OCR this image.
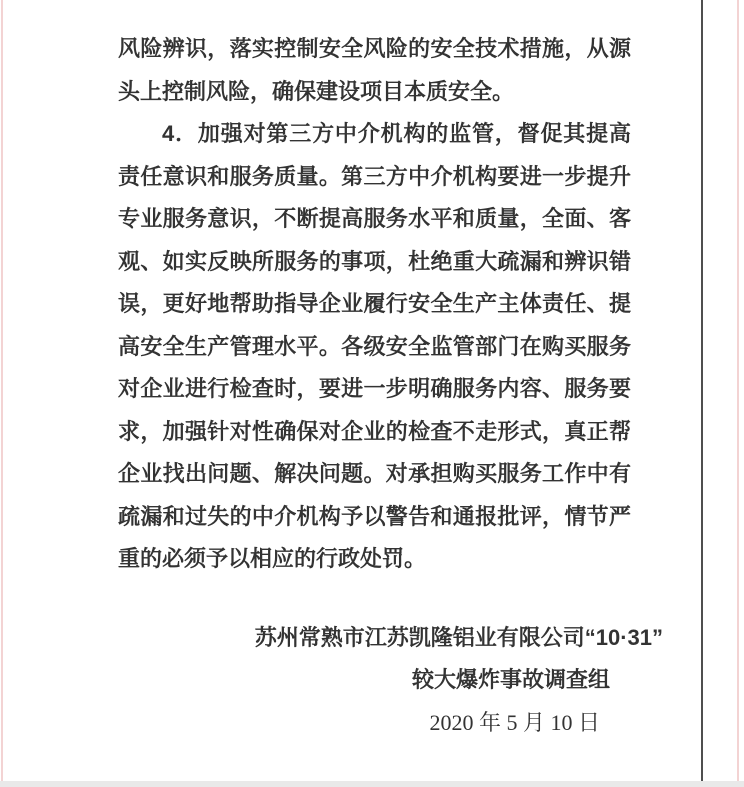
风险辨识，落实控制安全风险的安全技术措施，从源头上控制风险，确保建设项目本质安全。

4．加强对第三方中介机构的监管，督促其提高责任意识和服务质量。第三方中介机构要进一步提升专业服务意识，不断提高服务水平和质量，全面、客观、如实反映所服务的事项，杜绝重大疏漏和辨识错误，更好地帮助指导企业履行安全生产主体责任、提高安全生产管理水平。各级安全监管部门在购买服务对企业进行检查时，要进一步明确服务内容、服务要求，加强针对性确保对企业的检查不走形式，真正帮企业找出问题、解决问题。对承担购买服务工作中有疏漏和过失的中介机构予以警告和通报批评，情节严重的必须予以相应的行政处罚。

苏州常熟市江苏凯隆铝业有限公司“10·31”
较大爆炸事故调查组
2020 年 5 月 10 日
